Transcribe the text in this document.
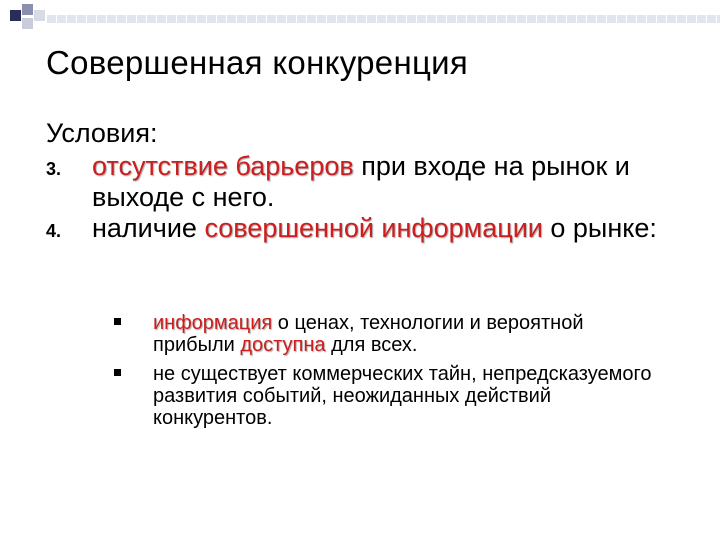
Совершенная конкуренция

Условия:

3. отсутствие барьеров при входе на рынок и выходе с него.

4. наличие совершенной информации о рынке:

информация о ценах, технологии и вероятной прибыли доступна для всех.

не существует коммерческих тайн, непредсказуемого развития событий, неожиданных действий конкурентов.
